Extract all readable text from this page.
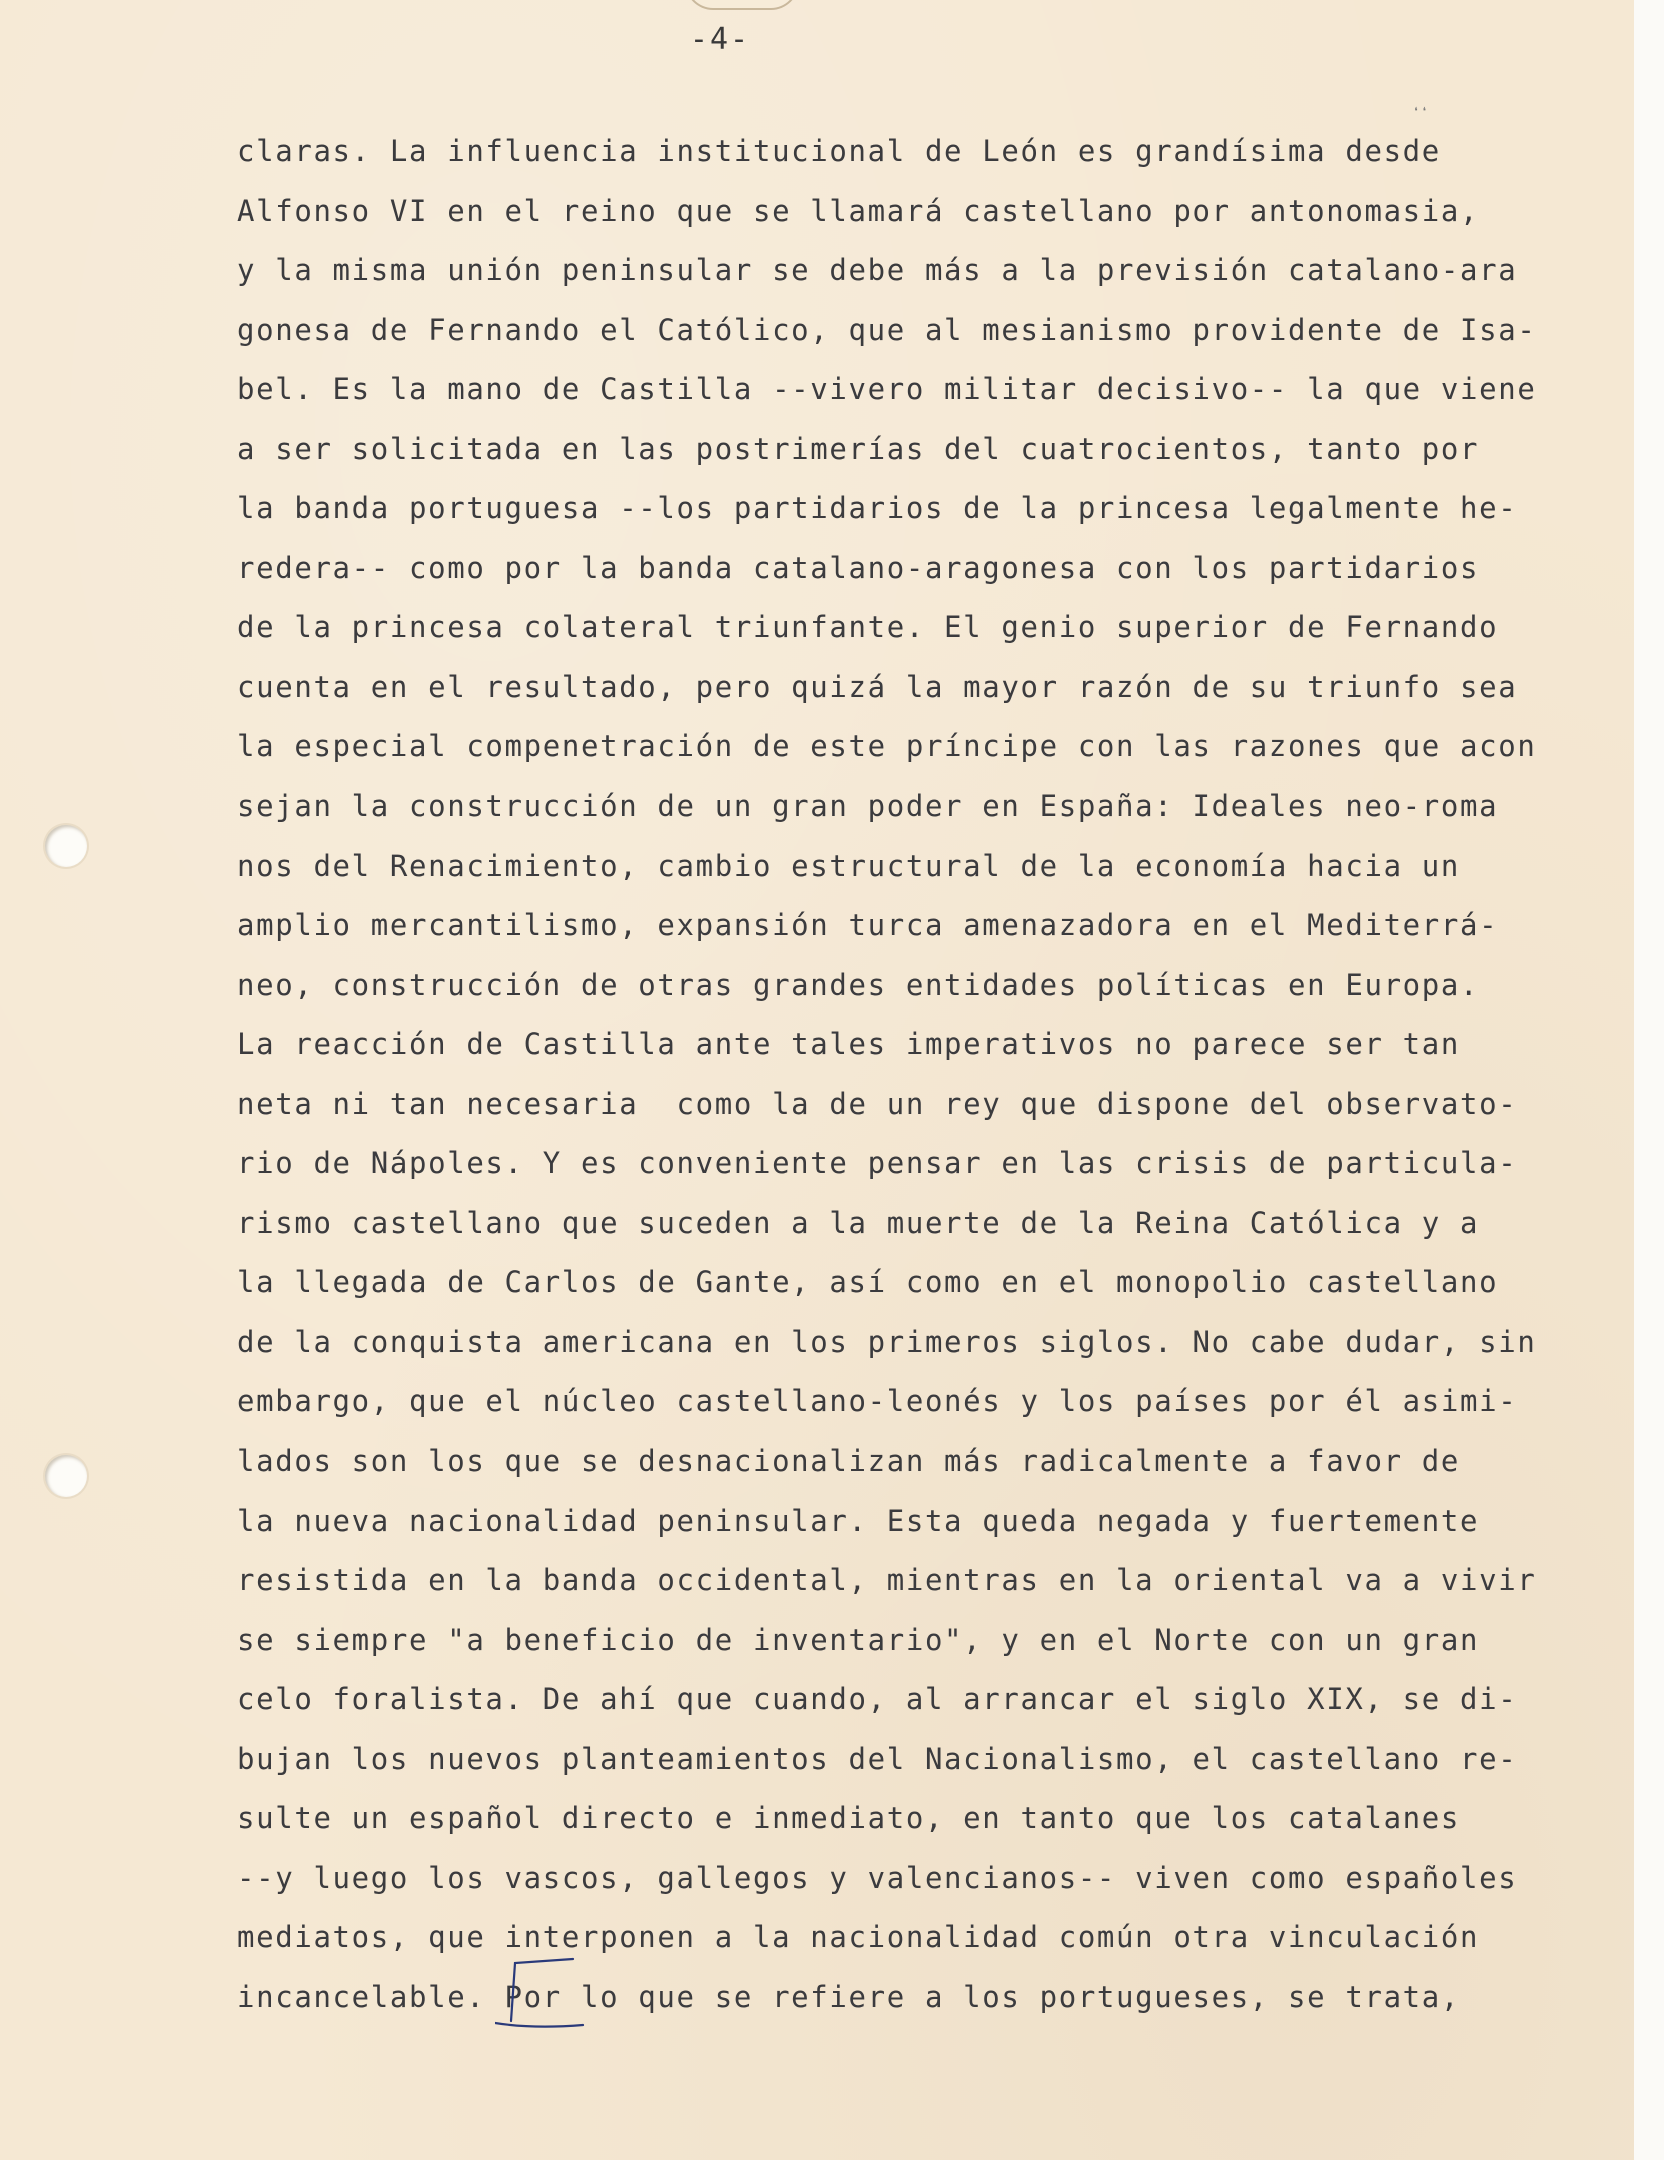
-4-
❛❛
claras. La influencia institucional de León es grandísima desde
Alfonso VI en el reino que se llamará castellano por antonomasia,
y la misma unión peninsular se debe más a la previsión catalano-ara
gonesa de Fernando el Católico, que al mesianismo providente de Isa-
bel. Es la mano de Castilla --vivero militar decisivo-- la que viene
a ser solicitada en las postrimerías del cuatrocientos, tanto por
la banda portuguesa --los partidarios de la princesa legalmente he-
redera-- como por la banda catalano-aragonesa con los partidarios
de la princesa colateral triunfante. El genio superior de Fernando
cuenta en el resultado, pero quizá la mayor razón de su triunfo sea
la especial compenetración de este príncipe con las razones que acon
sejan la construcción de un gran poder en España: Ideales neo-roma
nos del Renacimiento, cambio estructural de la economía hacia un
amplio mercantilismo, expansión turca amenazadora en el Mediterrá-
neo, construcción de otras grandes entidades políticas en Europa.
La reacción de Castilla ante tales imperativos no parece ser tan
neta ni tan necesaria  como la de un rey que dispone del observato-
rio de Nápoles. Y es conveniente pensar en las crisis de particula-
rismo castellano que suceden a la muerte de la Reina Católica y a
la llegada de Carlos de Gante, así como en el monopolio castellano
de la conquista americana en los primeros siglos. No cabe dudar, sin
embargo, que el núcleo castellano-leonés y los países por él asimi-
lados son los que se desnacionalizan más radicalmente a favor de
la nueva nacionalidad peninsular. Esta queda negada y fuertemente
resistida en la banda occidental, mientras en la oriental va a vivir
se siempre "a beneficio de inventario", y en el Norte con un gran
celo foralista. De ahí que cuando, al arrancar el siglo XIX, se di-
bujan los nuevos planteamientos del Nacionalismo, el castellano re-
sulte un español directo e inmediato, en tanto que los catalanes
--y luego los vascos, gallegos y valencianos-- viven como españoles
mediatos, que interponen a la nacionalidad común otra vinculación
incancelable. Por lo que se refiere a los portugueses, se trata,
